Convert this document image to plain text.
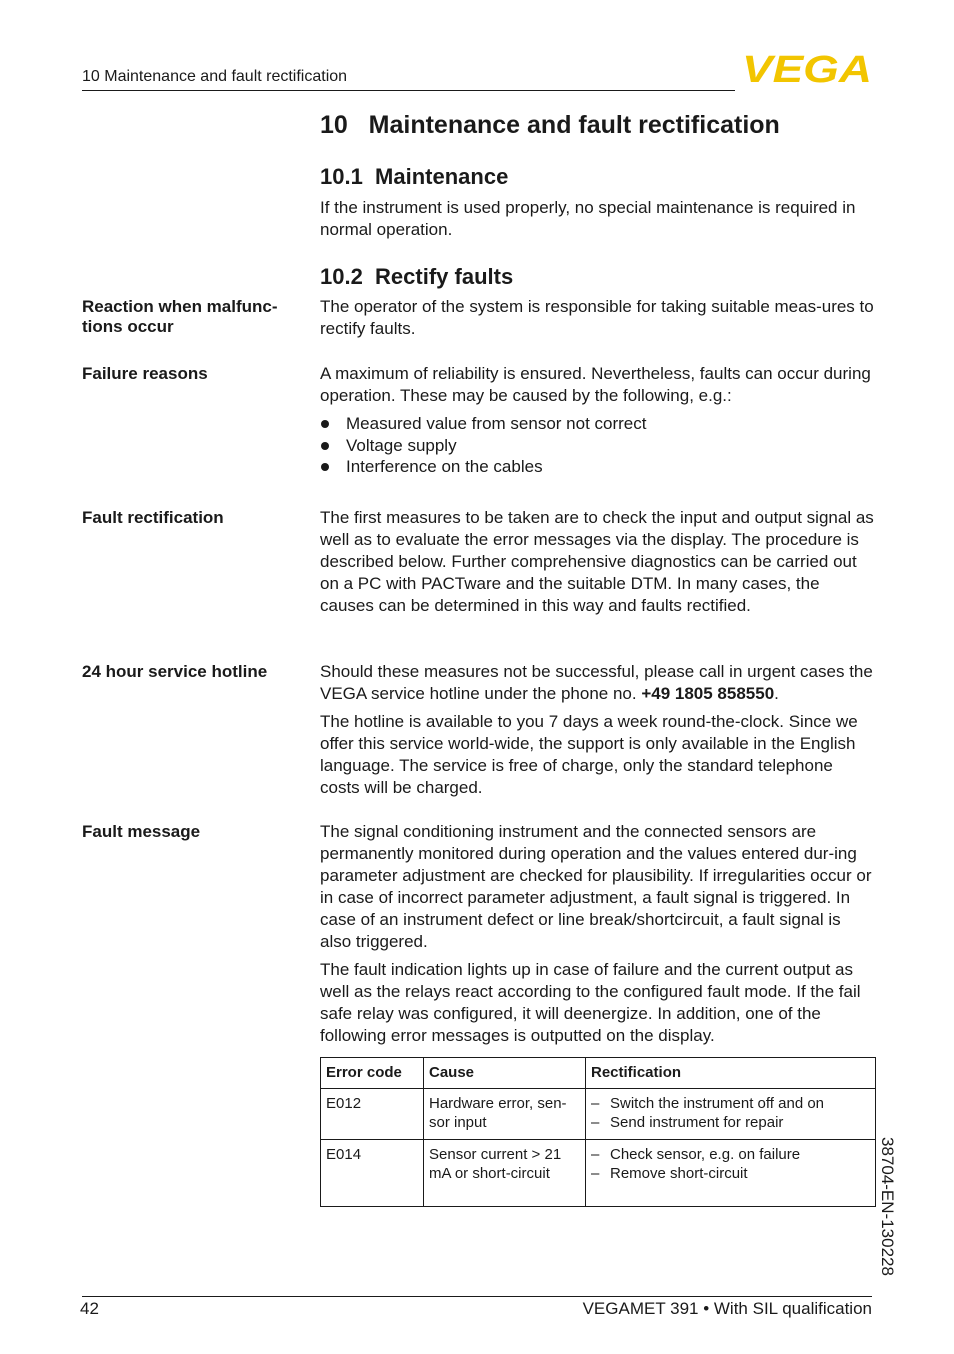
10 Maintenance and fault rectification	VEGA
10   Maintenance and fault rectification
10.1  Maintenance
If the instrument is used properly, no special maintenance is required in normal operation.
10.2  Rectify faults
Reaction when malfunc-tions occur
The operator of the system is responsible for taking suitable meas-ures to rectify faults.
Failure reasons	A maximum of reliability is ensured. Nevertheless, faults can occur during operation. These may be caused by the following, e.g.:

Measured value from sensor not correct
Voltage supply
Interference on the cables
Fault rectification	The first measures to be taken are to check the input and output signal as well as to evaluate the error messages via the display. The procedure is described below. Further comprehensive diagnostics can be carried out on a PC with PACTware and the suitable DTM. In many cases, the causes can be determined in this way and faults rectified.
24 hour service hotline	Should these measures not be successful, please call in urgent cases the VEGA service hotline under the phone no. +49 1805 858550.

The hotline is available to you 7 days a week round-the-clock. Since we offer this service world-wide, the support is only available in the English language. The service is free of charge, only the standard telephone costs will be charged.

Fault message	The signal conditioning instrument and the connected sensors are permanently monitored during operation and the values entered dur-ing parameter adjustment are checked for plausibility. If irregularities occur or in case of incorrect parameter adjustment, a fault signal is triggered. In case of an instrument defect or line break/shortcircuit, a fault signal is also triggered.

The fault indication lights up in case of failure and the current output as well as the relays react according to the configured fault mode. If the fail safe relay was configured, it will deenergize. In addition, one of the following error messages is outputted on the display.

Error code	Cause	Rectification
E012	Hardware error, sen-sor input	– Switch the instrument off and on
– Send instrument for repair

E014	Sensor current > 21 mA or short-circuit	– Check sensor, e.g. on failure
– Remove short-circuit	38704-EN-130228
42	VEGAMET 391 • With SIL qualification
